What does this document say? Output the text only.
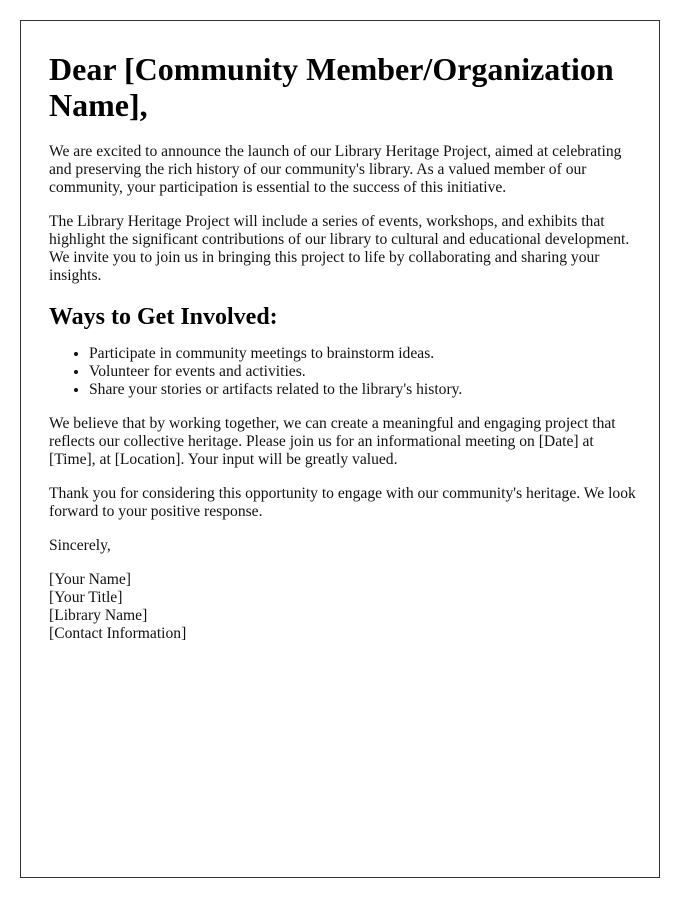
Dear [Community Member/Organization Name],

We are excited to announce the launch of our Library Heritage Project, aimed at celebrating and preserving the rich history of our community's library. As a valued member of our community, your participation is essential to the success of this initiative.

The Library Heritage Project will include a series of events, workshops, and exhibits that highlight the significant contributions of our library to cultural and educational development. We invite you to join us in bringing this project to life by collaborating and sharing your insights.

Ways to Get Involved:
• Participate in community meetings to brainstorm ideas.
• Volunteer for events and activities.
• Share your stories or artifacts related to the library's history.

We believe that by working together, we can create a meaningful and engaging project that reflects our collective heritage. Please join us for an informational meeting on [Date] at [Time], at [Location]. Your input will be greatly valued.

Thank you for considering this opportunity to engage with our community's heritage. We look forward to your positive response.

Sincerely,

[Your Name]

[Your Title]

[Library Name]

[Contact Information]
